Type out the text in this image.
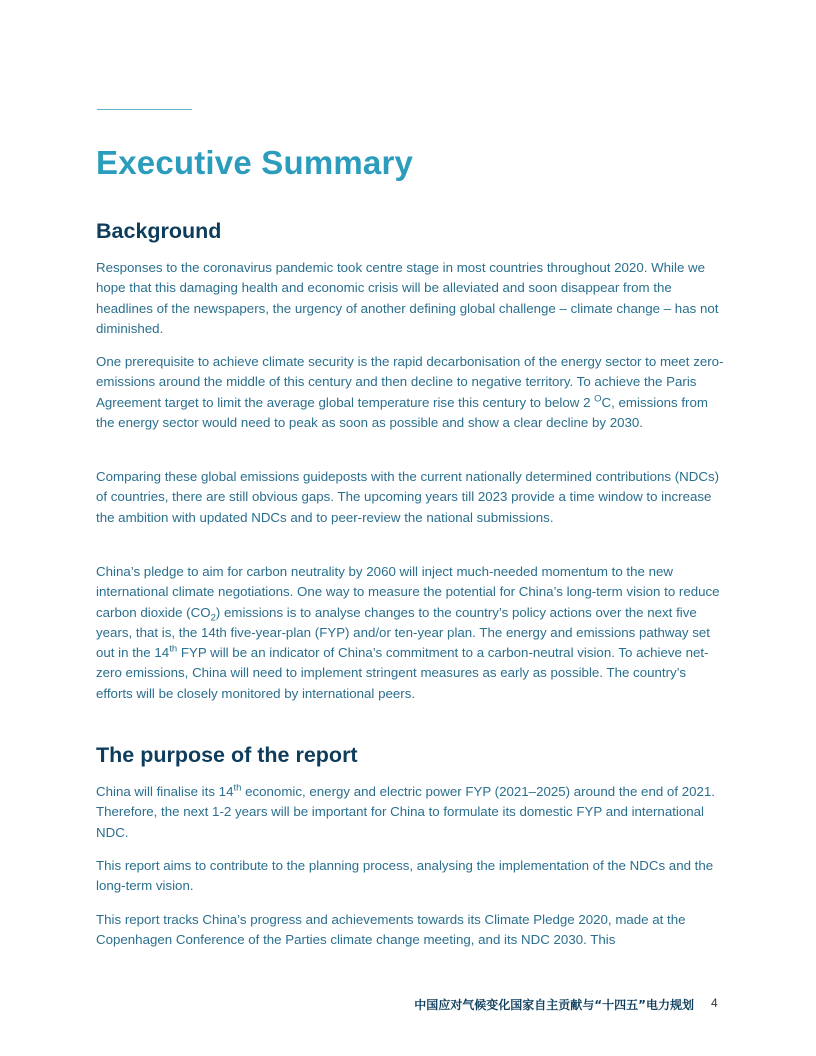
Executive Summary
Background

Responses to the coronavirus pandemic took centre stage in most countries throughout 2020. While we hope that this damaging health and economic crisis will be alleviated and soon disappear from the headlines of the newspapers, the urgency of another defining global challenge – climate change – has not diminished.

One prerequisite to achieve climate security is the rapid decarbonisation of the energy sector to meet zero-emissions around the middle of this century and then decline to negative territory. To achieve the Paris Agreement target to limit the average global temperature rise this century to below 2 $^O$C, emissions from the energy sector would need to peak as soon as possible and show a clear decline by 2030.

Comparing these global emissions guideposts with the current nationally determined contributions (NDCs) of countries, there are still obvious gaps. The upcoming years till 2023 provide a time window to increase the ambition with updated NDCs and to peer-review the national submissions.

China’s pledge to aim for carbon neutrality by 2060 will inject much-needed momentum to the new international climate negotiations. One way to measure the potential for China’s long-term vision to reduce carbon dioxide $(CO_2)$ emissions is to analyse changes to the country’s policy actions over the next five years, that is, the 14th five-year-plan (FYP) and/or ten-year plan. The energy and emissions pathway set out in the 14th FYP will be an indicator of China’s commitment to a carbon-neutral vision. To achieve net-zero emissions, China will need to implement stringent measures as early as possible. The country’s efforts will be closely monitored by international peers.

The purpose of the report

China will finalise its 14th economic, energy and electric power FYP (2021–2025) around the end of 2021. Therefore, the next 1-2 years will be important for China to formulate its domestic FYP and international NDC.

This report aims to contribute to the planning process, analysing the implementation of the NDCs and the long-term vision.

This report tracks China’s progress and achievements towards its Climate Pledge 2020, made at the Copenhagen Conference of the Parties climate change meeting, and its NDC 2030. This

中国应对气候变化国家自主贡献与“十四五”电力规划 4
